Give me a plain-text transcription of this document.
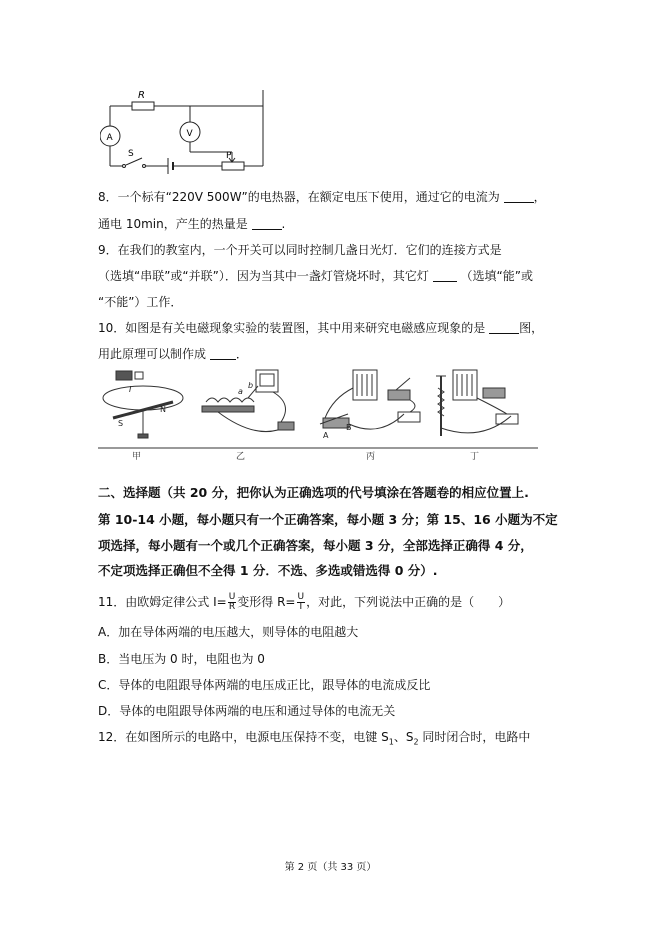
R
A	V
S	P
8．一个标有“220V 500W”的电热器，在额定电压下使用，通过它的电流为	，
通电 10min，产生的热量是	.
9．在我们的教室内，一个开关可以同时控制几盏日光灯．它们的连接方式是
（选填“串联”或“并联”）．因为当其中一盏灯管烧坏时，其它灯	（选填“能”或
“不能”）工作．
10．如图是有关电磁现象实验的装置图，其中用来研究电磁感应现象的是	图，
用此原理可以制作成 ．
S
N
I	a
b
A
B
甲	乙	丙	丁
二、选择题（共 20 分，把你认为正确选项的代号填涂在答题卷的相应位置上.
第 10-14 小题，每小题只有一个正确答案，每小题 3 分；第 15、16 小题为不定
项选择，每小题有一个或几个正确答案，每小题 3 分，全部选择正确得 4 分，
不定项选择正确但不全得 1 分．不选、多选或错选得 0 分）.
11．由欧姆定律公式 $I= \frac{U}{R}$ 变形得 $R= \frac{U}{I}$ ，对此，下列说法中正确的是（　　）
A．加在导体两端的电压越大，则导体的电阻越大
B．当电压为 0 时，电阻也为 0
C．导体的电阻跟导体两端的电压成正比，跟导体的电流成反比
D．导体的电阻跟导体两端的电压和通过导体的电流无关
12．在如图所示的电路中，电源电压保持不变，电键 $S_1$、$S_2$ 同时闭合时，电路中
第 2 页（共 33 页）
